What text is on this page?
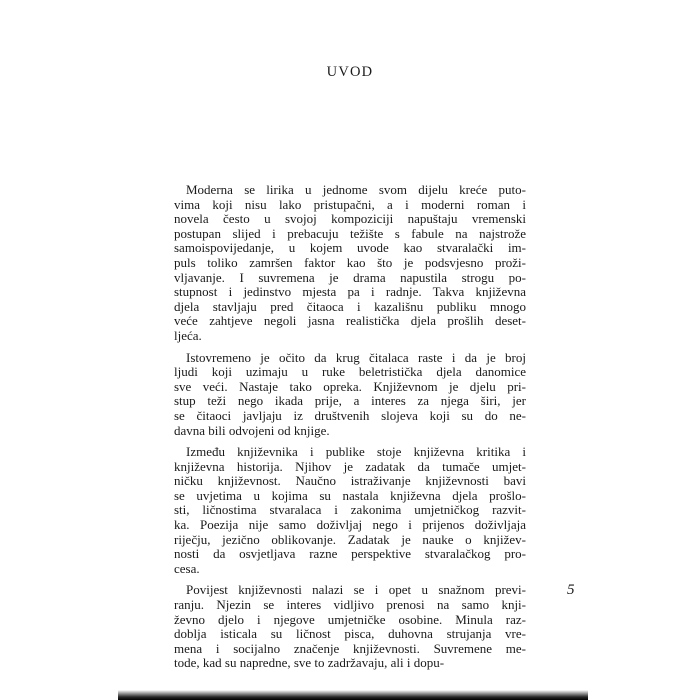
UVOD
Moderna se lirika u jednome svom dijelu kreće puto-
vima koji nisu lako pristupačni, a i moderni roman i
novela često u svojoj kompoziciji napuštaju vremenski
postupan slijed i prebacuju težište s fabule na najstrože
samoispovijedanje, u kojem uvode kao stvaralački im-
puls toliko zamršen faktor kao što je podsvjesno proži-
vljavanje. I suvremena je drama napustila strogu po-
stupnost i jedinstvo mjesta pa i radnje. Takva književna
djela stavljaju pred čitaoca i kazališnu publiku mnogo
veće zahtjeve negoli jasna realistička djela prošlih deset-
ljeća.
Istovremeno je očito da krug čitalaca raste i da je broj
ljudi koji uzimaju u ruke beletristička djela danomice
sve veći. Nastaje tako opreka. Književnom je djelu pri-
stup teži nego ikada prije, a interes za njega širi, jer
se čitaoci javljaju iz društvenih slojeva koji su do ne-
davna bili odvojeni od knjige.
Između književnika i publike stoje književna kritika i
književna historija. Njihov je zadatak da tumače umjet-
ničku književnost. Naučno istraživanje književnosti bavi
se uvjetima u kojima su nastala književna djela prošlo-
sti, ličnostima stvaralaca i zakonima umjetničkog razvit-
ka. Poezija nije samo doživljaj nego i prijenos doživljaja
riječju, jezično oblikovanje. Zadatak je nauke o književ-
nosti da osvjetljava razne perspektive stvaralačkog pro-
cesa.
Povijest književnosti nalazi se i opet u snažnom previ-
ranju. Njezin se interes vidljivo prenosi na samo knji-
ževno djelo i njegove umjetničke osobine. Minula raz-
doblja isticala su ličnost pisca, duhovna strujanja vre-
mena i socijalno značenje književnosti. Suvremene me-
tode, kad su napredne, sve to zadržavaju, ali i dopu-
5
